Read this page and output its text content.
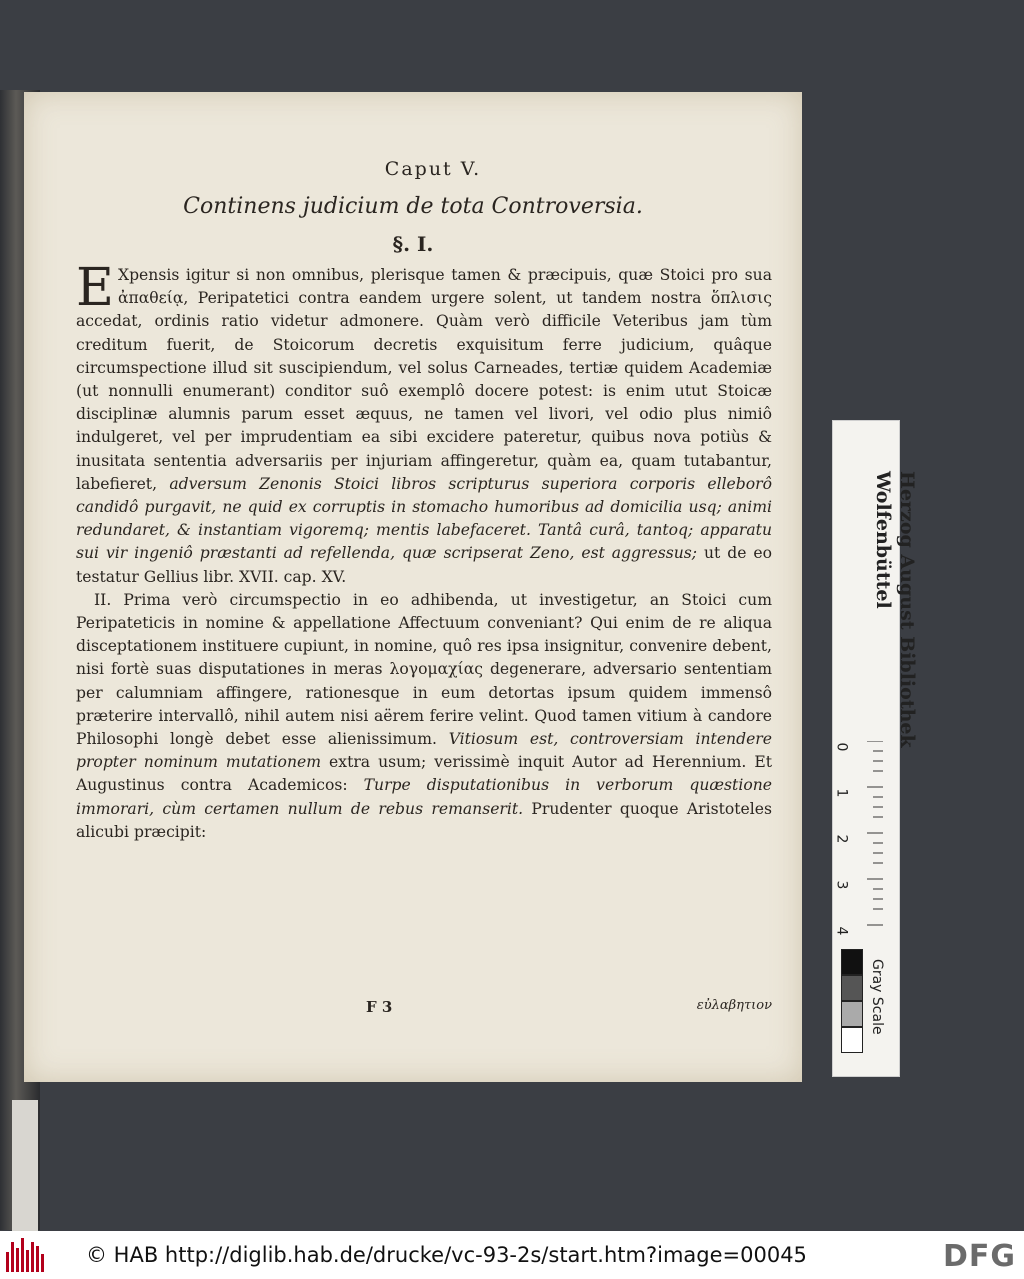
Caput V.
Continens judicium de tota Controversia.
§. I.

E Xpensis igitur si non omnibus, plerisque tamen & præcipuis, quæ Stoici pro sua ἀπαθείᾳ, Peripatetici contra eandem urgere solent, ut tandem nostra ὅπλισις accedat, ordinis ratio videtur admonere. Quàm verò difficile Veteribus jam tùm creditum fuerit, de Stoicorum decretis exquisitum ferre judicium, quâque circumspectione illud sit suscipiendum, vel solus Carneades, tertiæ quidem Academiæ (ut nonnulli enumerant) conditor suô exemplô docere potest: is enim utut Stoicæ disciplinæ alumnis parum esset æquus, ne tamen vel livori, vel odio plus nimiô indulgeret, vel per imprudentiam ea sibi excidere pateretur, quibus nova potiùs & inusitata sententia adversariis per injuriam affingeretur, quàm ea, quam tutabantur, labefieret, adversum Zenonis Stoici libros scripturus superiora corporis elleborô candidô purgavit, ne quid ex corruptis in stomacho humoribus ad domicilia usq; animi redundaret, & instantiam vigoremq; mentis labefaceret. Tantâ curâ, tantoq; apparatu sui vir ingeniô præstanti ad refellenda, quæ scripserat Zeno, est aggressus; ut de eo testatur Gellius libr. XVII. cap. XV.

II. Prima verò circumspectio in eo adhibenda, ut investigetur, an Stoici cum Peripateticis in nomine & appellatione Affectuum conveniant? Qui enim de re aliqua disceptationem instituere cupiunt, in nomine, quô res ipsa insignitur, convenire debent, nisi fortè suas disputationes in meras λογομαχίας degenerare, adversario sententiam per calumniam affingere, rationesque in eum detortas ipsum quidem immensô præterire intervallô, nihil autem nisi aërem ferire velint. Quod tamen vitium à candore Philosophi longè debet esse alienissimum. Vitiosum est, controversiam intendere propter nominum mutationem extra usum; verissimè inquit Autor ad Herennium. Et Augustinus contra Academicos: Turpe disputationibus in verborum quæstione immorari, cùm certamen nullum de rebus remanserit. Prudenter quoque Aristoteles alicubi præcipit:

F 3	εὐλαβητιον
Herzog August Bibliothek
Wolfenbüttel
0
1
2
3
4
Gray Scale
© HAB http://diglib.hab.de/drucke/vc-93-2s/start.htm?image=00045	DFG
